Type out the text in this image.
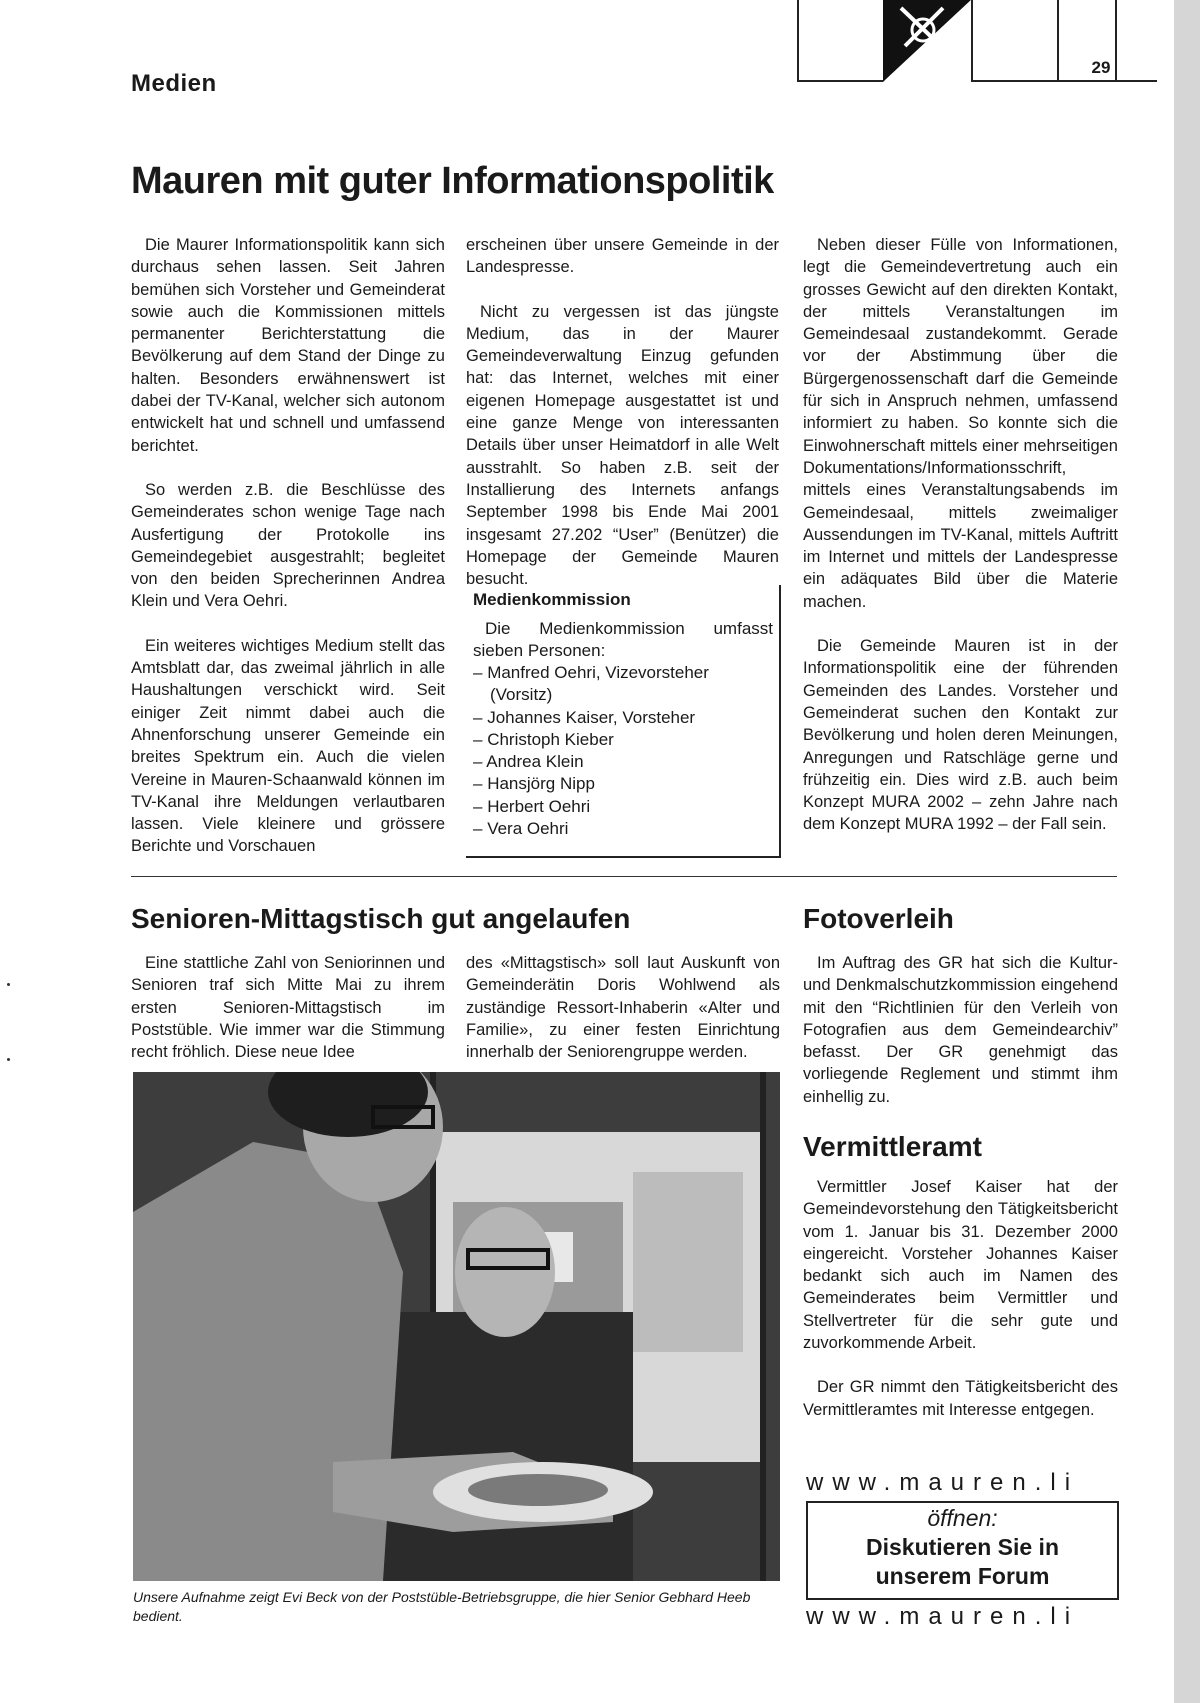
29
Medien
Mauren mit guter Informationspolitik

Die Maurer Informationspolitik kann sich durchaus sehen lassen. Seit Jahren bemühen sich Vorsteher und Gemeinderat sowie auch die Kommissionen mittels permanenter Berichterstattung die Bevölkerung auf dem Stand der Dinge zu halten. Besonders erwähnenswert ist dabei der TV-Kanal, welcher sich autonom entwickelt hat und schnell und umfassend berichtet.

So werden z.B. die Beschlüsse des Gemeinderates schon wenige Tage nach Ausfertigung der Protokolle ins Gemeindegebiet ausgestrahlt; begleitet von den beiden Sprecherinnen Andrea Klein und Vera Oehri.

Ein weiteres wichtiges Medium stellt das Amtsblatt dar, das zweimal jährlich in alle Haushaltungen verschickt wird. Seit einiger Zeit nimmt dabei auch die Ahnenforschung unserer Gemeinde ein breites Spektrum ein. Auch die vielen Vereine in Mauren-Schaanwald können im TV-Kanal ihre Meldungen verlautbaren lassen. Viele kleinere und grössere Berichte und Vorschauen

erscheinen über unsere Gemeinde in der Landespresse.

Nicht zu vergessen ist das jüngste Medium, das in der Maurer Gemeindeverwaltung Einzug gefunden hat: das Internet, welches mit einer eigenen Homepage ausgestattet ist und eine ganze Menge von interessanten Details über unser Heimatdorf in alle Welt ausstrahlt. So haben z.B. seit der Installierung des Internets anfangs September 1998 bis Ende Mai 2001 insgesamt 27.202 “User” (Benützer) die Homepage der Gemeinde Mauren besucht.

Medienkommission
Die Medienkommission umfasst sieben Personen:
– Manfred Oehri, Vizevorsteher
(Vorsitz)
– Johannes Kaiser, Vorsteher
– Christoph Kieber
– Andrea Klein
– Hansjörg Nipp
– Herbert Oehri
– Vera Oehri

Neben dieser Fülle von Informationen, legt die Gemeindevertretung auch ein grosses Gewicht auf den direkten Kontakt, der mittels Veranstaltungen im Gemeindesaal zustandekommt. Gerade vor der Abstimmung über die Bürgergenossenschaft darf die Gemeinde für sich in Anspruch nehmen, umfassend informiert zu haben. So konnte sich die Einwohnerschaft mittels einer mehrseitigen Dokumentations/Informationsschrift, mittels eines Veranstaltungsabends im Gemeindesaal, mittels zweimaliger Aussendungen im TV-Kanal, mittels Auftritt im Internet und mittels der Landespresse ein adäquates Bild über die Materie machen.

Die Gemeinde Mauren ist in der Informationspolitik eine der führenden Gemeinden des Landes. Vorsteher und Gemeinderat suchen den Kontakt zur Bevölkerung und holen deren Meinungen, Anregungen und Ratschläge gerne und frühzeitig ein. Dies wird z.B. auch beim Konzept MURA 2002 – zehn Jahre nach dem Konzept MURA 1992 – der Fall sein.

Senioren-Mittagstisch gut angelaufen

Eine stattliche Zahl von Seniorinnen und Senioren traf sich Mitte Mai zu ihrem ersten Senioren-Mittagstisch im Poststüble. Wie immer war die Stimmung recht fröhlich. Diese neue Idee

des «Mittagstisch» soll laut Auskunft von Gemeinderätin Doris Wohlwend als zuständige Ressort-Inhaberin «Alter und Familie», zu einer festen Einrichtung innerhalb der Seniorengruppe werden.

Unsere Aufnahme zeigt Evi Beck von der Poststüble-Betriebsgruppe, die hier Senior Gebhard Heeb bedient.
Fotoverleih

Im Auftrag des GR hat sich die Kultur- und Denkmalschutzkommission eingehend mit den “Richtlinien für den Verleih von Fotografien aus dem Gemeindearchiv” befasst. Der GR genehmigt das vorliegende Reglement und stimmt ihm einhellig zu.

Vermittleramt

Vermittler Josef Kaiser hat der Gemeindevorstehung den Tätigkeitsbericht vom 1. Januar bis 31. Dezember 2000 eingereicht. Vorsteher Johannes Kaiser bedankt sich auch im Namen des Gemeinderates beim Vermittler und Stellvertreter für die sehr gute und zuvorkommende Arbeit.

Der GR nimmt den Tätigkeitsbericht des Vermittleramtes mit Interesse entgegen.

www.mauren.li
öffnen:
Diskutieren Sie in
unserem Forum
www.mauren.li
